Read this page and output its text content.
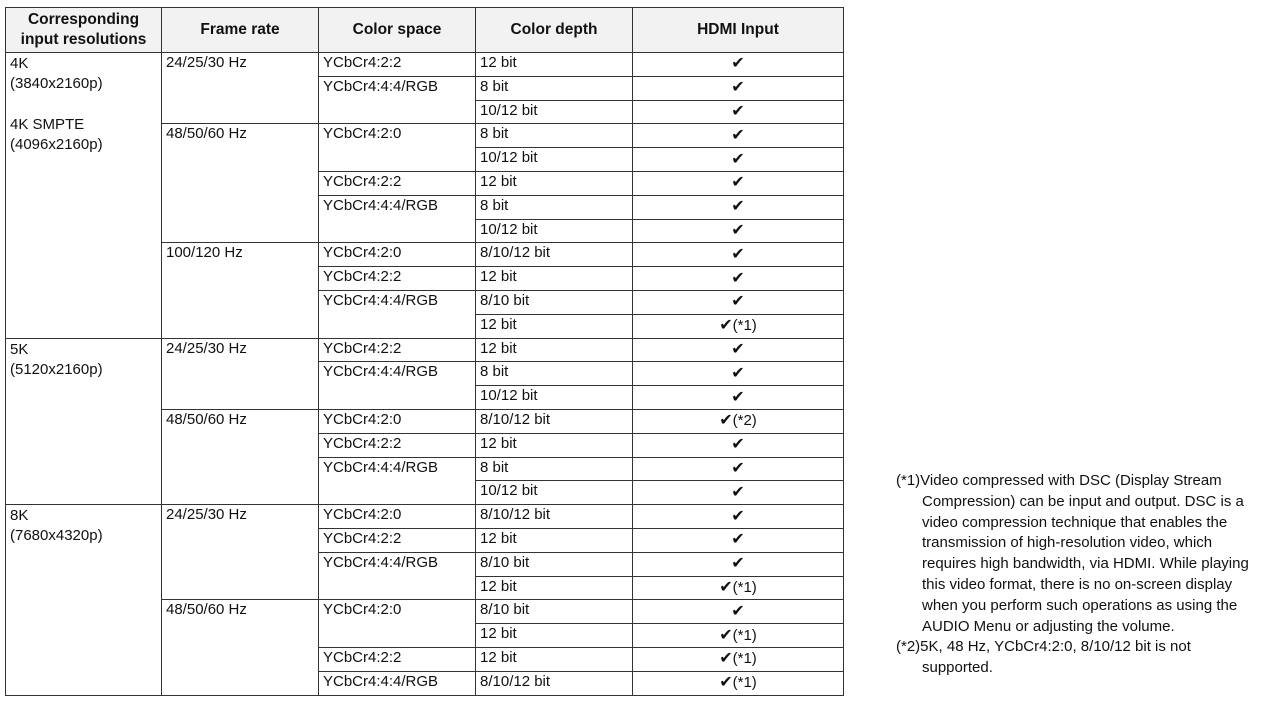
Corresponding input resolutions	Frame rate	Color space	Color depth	HDMI Input

4K
(3840x2160p)
4K SMPTE
(4096x2160p)	24/25/30 Hz	YCbCr4:2:2	12 bit	✔
		YCbCr4:4:4/RGB	8 bit	✔
			10/12 bit	✔
	48/50/60 Hz	YCbCr4:2:0	8 bit	✔
			10/12 bit	✔
		YCbCr4:2:2	12 bit	✔
		YCbCr4:4:4/RGB	8 bit	✔
			10/12 bit	✔
	100/120 Hz	YCbCr4:2:0	8/10/12 bit	✔
		YCbCr4:2:2	12 bit	✔
		YCbCr4:4:4/RGB	8/10 bit	✔
			12 bit	✔(*1)

5K
(5120x2160p)	24/25/30 Hz	YCbCr4:2:2	12 bit	✔
		YCbCr4:4:4/RGB	8 bit	✔
			10/12 bit	✔
	48/50/60 Hz	YCbCr4:2:0	8/10/12 bit	✔(*2)
		YCbCr4:2:2	12 bit	✔
		YCbCr4:4:4/RGB	8 bit	✔
			10/12 bit	✔

8K
(7680x4320p)	24/25/30 Hz	YCbCr4:2:0	8/10/12 bit	✔
		YCbCr4:2:2	12 bit	✔
		YCbCr4:4:4/RGB	8/10 bit	✔
			12 bit	✔(*1)
	48/50/60 Hz	YCbCr4:2:0	8/10 bit	✔
			12 bit	✔(*1)
		YCbCr4:2:2	12 bit	✔(*1)
		YCbCr4:4:4/RGB	8/10/12 bit	✔(*1)
(*1)Video compressed with DSC (Display Stream Compression) can be input and output. DSC is a video compression technique that enables the transmission of high-resolution video, which requires high bandwidth, via HDMI. While playing this video format, there is no on-screen display when you perform such operations as using the AUDIO Menu or adjusting the volume.
(*2)5K, 48 Hz, YCbCr4:2:0, 8/10/12 bit is not supported.
